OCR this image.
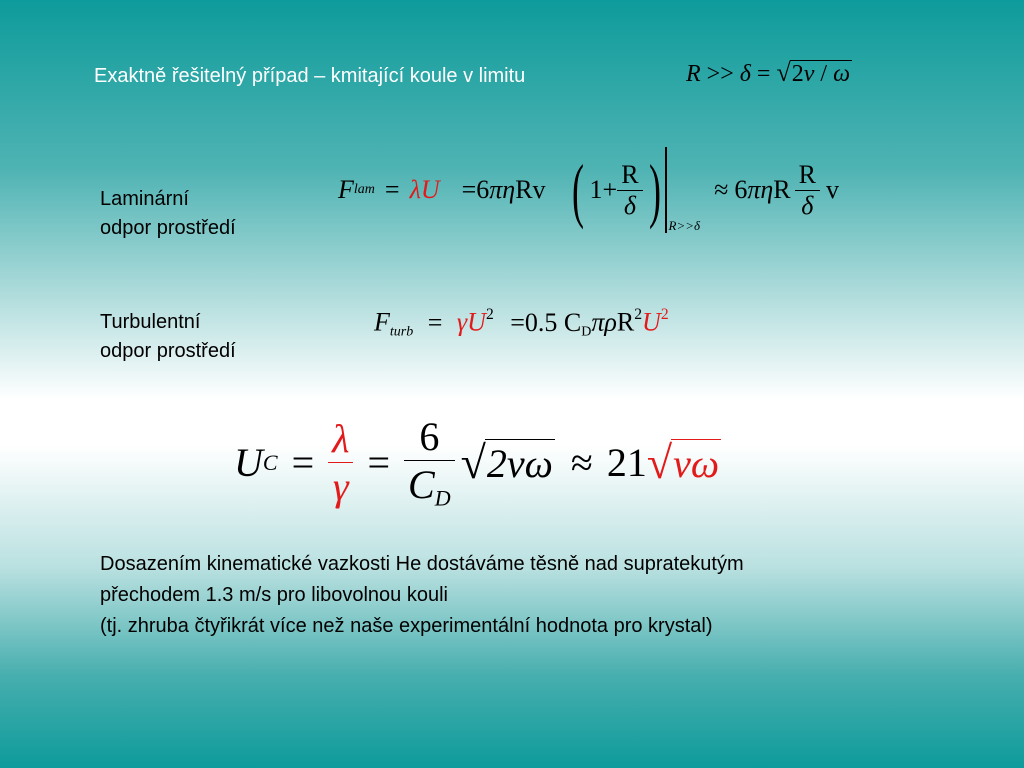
Exaktně řešitelný případ – kmitající koule v limitu	R >> δ = √2ν / ω
Laminární
odpor prostředí
F lam = λU =6 πη Rv ( $1+ \frac{R}{\delta}$ ) R>>δ
≈ 6 πη R $\frac{R}{\delta}$ v
Turbulentní
odpor prostředí
$F_{turb} = \gamma U^2 =0.5$ $C_D\pi\rho R^2U^2$
U $C = \frac{\lambda}{\gamma} = \frac{6}{C_D}$ √ 2νω ≈ 21 √ νω
Dosazením kinematické vazkosti He dostáváme těsně nad supratekutým
přechodem 1.3 m/s pro libovolnou kouli
(tj. zhruba čtyřikrát více než naše experimentální hodnota pro krystal)
